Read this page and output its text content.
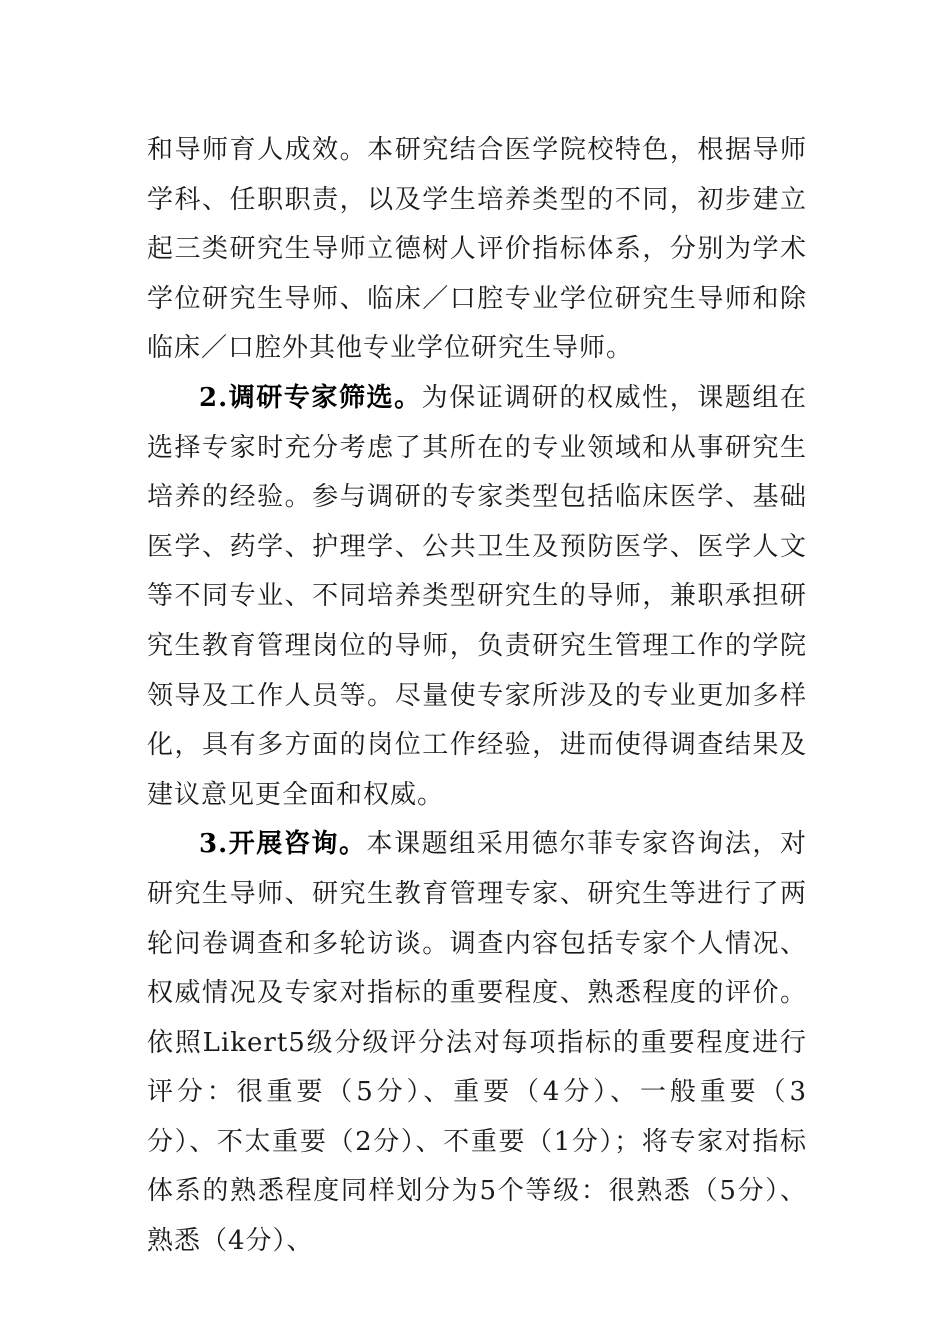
和导师育人成效。本研究结合医学院校特色，根据导师学科、任职职责，以及学生培养类型的不同，初步建立起三类研究生导师立德树人评价指标体系，分别为学术学位研究生导师、临床／口腔专业学位研究生导师和除临床／口腔外其他专业学位研究生导师。

2.调研专家筛选。为保证调研的权威性，课题组在选择专家时充分考虑了其所在的专业领域和从事研究生培养的经验。参与调研的专家类型包括临床医学、基础医学、药学、护理学、公共卫生及预防医学、医学人文等不同专业、不同培养类型研究生的导师，兼职承担研究生教育管理岗位的导师，负责研究生管理工作的学院领导及工作人员等。尽量使专家所涉及的专业更加多样化，具有多方面的岗位工作经验，进而使得调查结果及建议意见更全面和权威。

3.开展咨询。本课题组采用德尔菲专家咨询法，对研究生导师、研究生教育管理专家、研究生等进行了两轮问卷调查和多轮访谈。调查内容包括专家个人情况、权威情况及专家对指标的重要程度、熟悉程度的评价。依照Likert5级分级评分法对每项指标的重要程度进行评分：很重要（5分）、重要（4分）、一般重要（3分）、不太重要（2分）、不重要（1分）；将专家对指标体系的熟悉程度同样划分为5个等级：很熟悉（5分）、熟悉（4分）、
